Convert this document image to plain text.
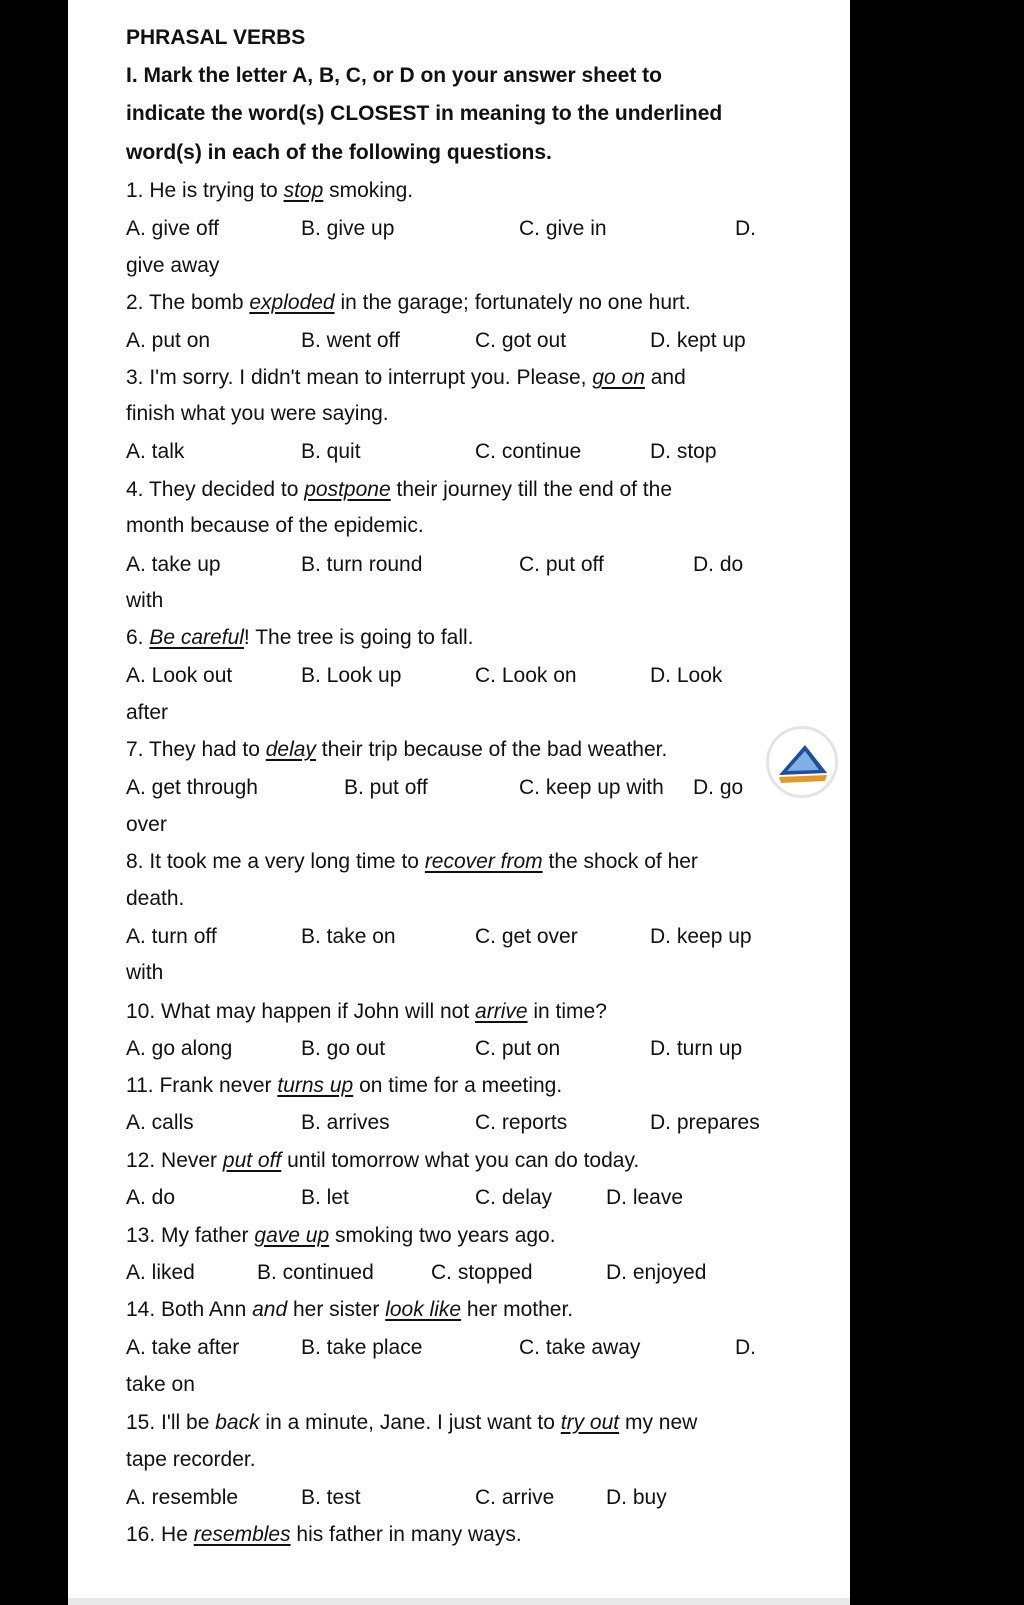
PHRASAL VERBS
I. Mark the letter A, B, C, or D on your answer sheet to
indicate the word(s) CLOSEST in meaning to the underlined
word(s) in each of the following questions.
1. He is trying to stop smoking.
A. give off	B. give up	C. give in	D.
give away
2. The bomb exploded in the garage; fortunately no one hurt.
A. put on	B. went off	C. got out	D. kept up
3. I'm sorry. I didn't mean to interrupt you. Please, go on and
finish what you were saying.
A. talk	B. quit	C. continue	D. stop
4. They decided to postpone their journey till the end of the
month because of the epidemic.
A. take up	B. turn round	C. put off	D. do
with
6. Be careful! The tree is going to fall.
A. Look out	B. Look up	C. Look on	D. Look
after
7. They had to delay their trip because of the bad weather.
A. get through	B. put off	C. keep up with D. go
over
8. It took me a very long time to recover from the shock of her
death.
A. turn off	B. take on	C. get over	D. keep up
with
10. What may happen if John will not arrive in time?
A. go along	B. go out	C. put on	D. turn up
11. Frank never turns up on time for a meeting.
A. calls	B. arrives	C. reports	D. prepares
12. Never put off until tomorrow what you can do today.
A. do	B. let	C. delay	D. leave
13. My father gave up smoking two years ago.
A. liked	B. continued	C. stopped	D. enjoyed
14. Both Ann and her sister look like her mother.
A. take after	B. take place	C. take away	D.
take on
15. I'll be back in a minute, Jane. I just want to try out my new
tape recorder.
A. resemble	B. test	C. arrive D. buy
16. He resembles his father in many ways.
